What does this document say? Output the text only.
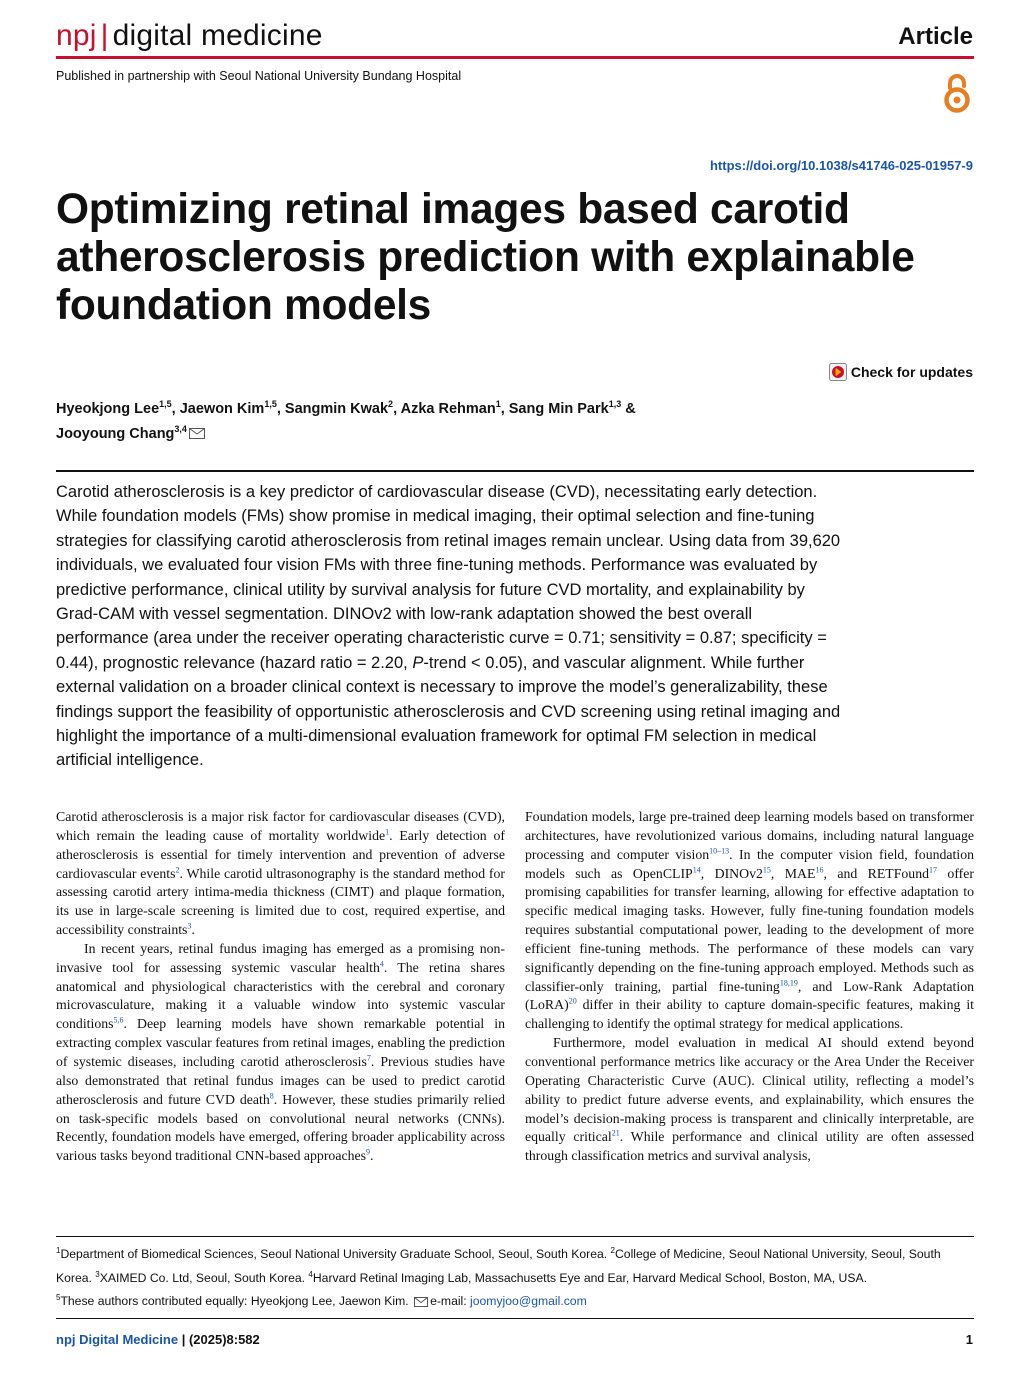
npj | digital medicine	Article
Published in partnership with Seoul National University Bundang Hospital
https://doi.org/10.1038/s41746-025-01957-9
Optimizing retinal images based carotid atherosclerosis prediction with explainable foundation models
Check for updates
Hyeokjong Lee$^{1,5}$, Jaewon Kim$^{1,5}$, Sangmin Kwak$^2$, Azka Rehman$^1$, Sang Min Park$^{1,3}$ &
Jooyoung Chang$^{3,4}$
Carotid atherosclerosis is a key predictor of cardiovascular disease (CVD), necessitating early detection. While foundation models (FMs) show promise in medical imaging, their optimal selection and fine-tuning strategies for classifying carotid atherosclerosis from retinal images remain unclear. Using data from 39,620 individuals, we evaluated four vision FMs with three fine-tuning methods. Performance was evaluated by predictive performance, clinical utility by survival analysis for future CVD mortality, and explainability by Grad-CAM with vessel segmentation. DINOv2 with low-rank adaptation showed the best overall performance (area under the receiver operating characteristic curve = 0.71; sensitivity = 0.87; specificity = 0.44), prognostic relevance (hazard ratio = 2.20, P-trend < 0.05), and vascular alignment. While further external validation on a broader clinical context is necessary to improve the model’s generalizability, these findings support the feasibility of opportunistic atherosclerosis and CVD screening using retinal imaging and highlight the importance of a multi-dimensional evaluation framework for optimal FM selection in medical artificial intelligence.

Carotid atherosclerosis is a major risk factor for cardiovascular diseases (CVD), which remain the leading cause of mortality worldwide$^1$. Early detection of atherosclerosis is essential for timely intervention and prevention of adverse cardiovascular events$^2$. While carotid ultrasonography is the standard method for assessing carotid artery intima-media thickness (CIMT) and plaque formation, its use in large-scale screening is limited due to cost, required expertise, and accessibility constraints$^3$.

In recent years, retinal fundus imaging has emerged as a promising non-invasive tool for assessing systemic vascular health$^4$. The retina shares anatomical and physiological characteristics with the cerebral and coronary microvasculature, making it a valuable window into systemic vascular conditions$^{5,6}$. Deep learning models have shown remarkable potential in extracting complex vascular features from retinal images, enabling the prediction of systemic diseases, including carotid atherosclerosis$^7$. Previous studies have also demonstrated that retinal fundus images can be used to predict carotid atherosclerosis and future CVD death$^8$. However, these studies primarily relied on task-specific models based on convolutional neural networks (CNNs). Recently, foundation models have emerged, offering broader applicability across various tasks beyond traditional CNN-based approaches$^9$.

Foundation models, large pre-trained deep learning models based on transformer architectures, have revolutionized various domains, including natural language processing and computer vision$^{10-13}$. In the computer vision field, foundation models such as OpenCLIP$^{14}$, $DINOv2^{15}$, MAE$^{16}$, and RETFound$^{17}$ offer promising capabilities for transfer learning, allowing for effective adaptation to specific medical imaging tasks. However, fully fine-tuning foundation models requires substantial computational power, leading to the development of more efficient fine-tuning methods. The performance of these models can vary significantly depending on the fine-tuning approach employed. Methods such as classifier-only training, partial fine-tuning$^{18,19}$, and Low-Rank Adaptation (LoRA)$^{20}$ differ in their ability to capture domain-specific features, making it challenging to identify the optimal strategy for medical applications.

Furthermore, model evaluation in medical AI should extend beyond conventional performance metrics like accuracy or the Area Under the Receiver Operating Characteristic Curve (AUC). Clinical utility, reflecting a model’s ability to predict future adverse events, and explainability, which ensures the model’s decision-making process is transparent and clinically interpretable, are equally critical$^{21}$. While performance and clinical utility are often assessed through classification metrics and survival analysis,

$^1$Department of Biomedical Sciences, Seoul National University Graduate School, Seoul, South Korea. $^2$College of Medicine, Seoul National University, Seoul, South Korea. $^3$XAIMED Co. Ltd, Seoul, South Korea. $^4$Harvard Retinal Imaging Lab, Massachusetts Eye and Ear, Harvard Medical School, Boston, MA, USA.
$^5$These authors contributed equally: Hyeokjong Lee, Jaewon Kim. e-mail: joomyjoo@gmail.com
npj Digital Medicine | (2025)8:582	1
